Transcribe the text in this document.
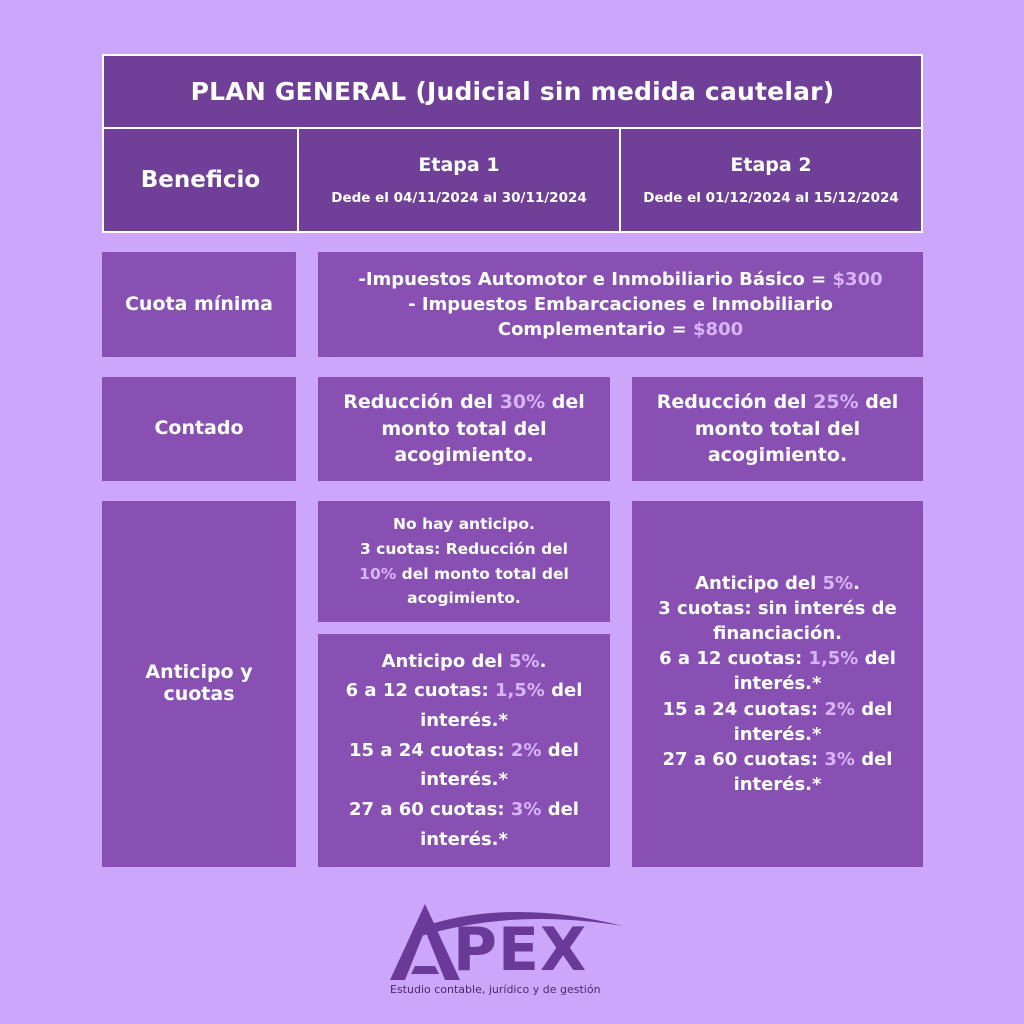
PLAN GENERAL (Judicial sin medida cautelar)
Beneficio
Etapa 1
Dede el 04/11/2024 al 30/11/2024
Etapa 2
Dede el 01/12/2024 al 15/12/2024
Cuota mínima
-Impuestos Automotor e Inmobiliario Básico = $300
- Impuestos Embarcaciones e Inmobiliario
Complementario = $800
Contado
Reducción del 30% del
monto total del
acogimiento.
Reducción del 25% del
monto total del
acogimiento.
Anticipo y
cuotas
No hay anticipo.
3 cuotas: Reducción del
10% del monto total del
acogimiento.
Anticipo del 5%.
6 a 12 cuotas: 1,5% del
interés.*
15 a 24 cuotas: 2% del
interés.*
27 a 60 cuotas: 3% del
interés.*
Anticipo del 5%.
3 cuotas: sin interés de
financiación.
6 a 12 cuotas: 1,5% del
interés.*
15 a 24 cuotas: 2% del
interés.*
27 a 60 cuotas: 3% del
interés.*
PEX
Estudio contable, jurídico y de gestión
